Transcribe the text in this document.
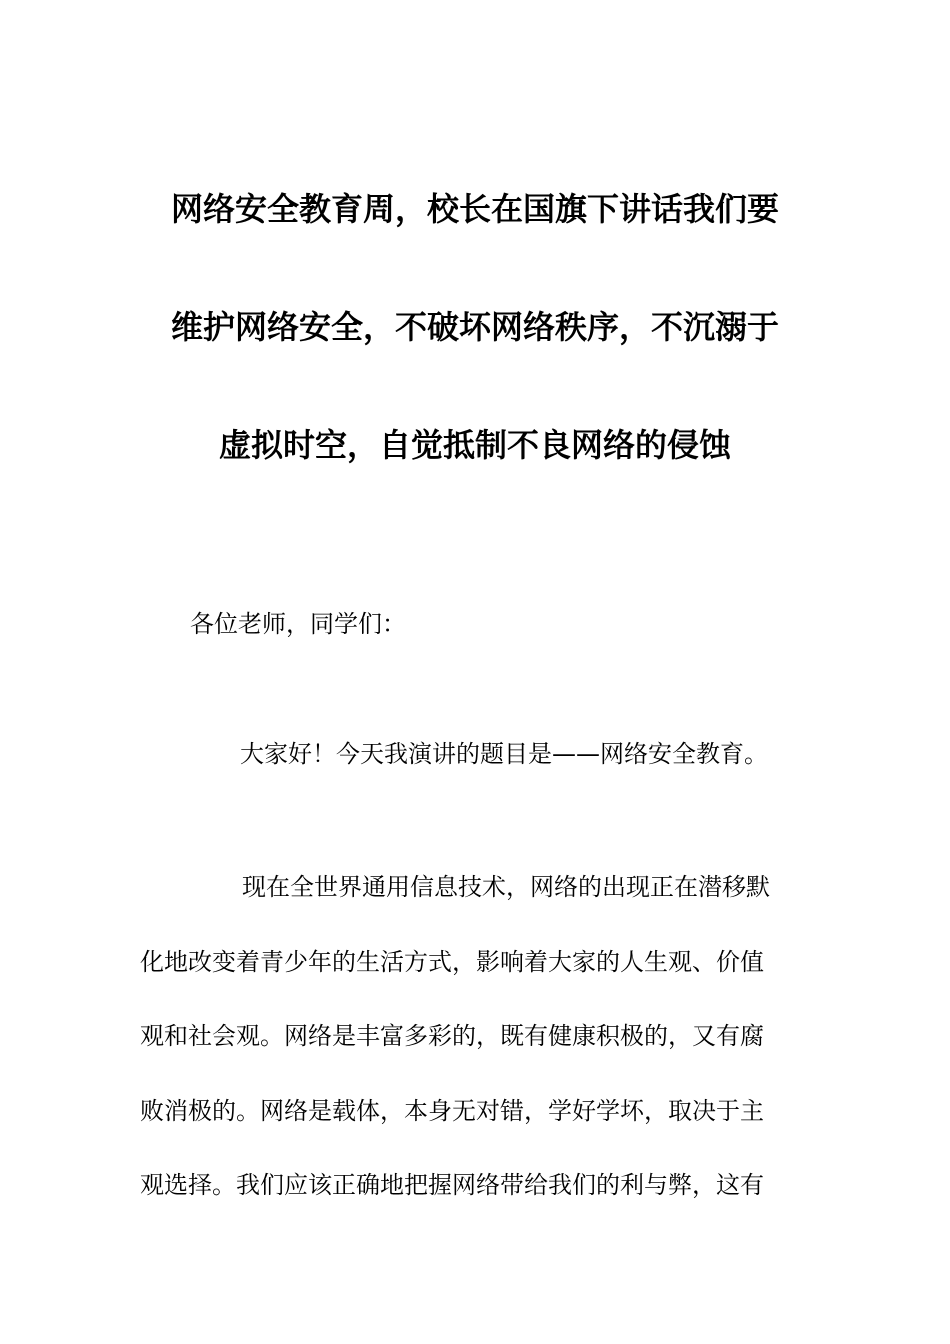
网络安全教育周，校长在国旗下讲话我们要
维护网络安全，不破坏网络秩序，不沉溺于
虚拟时空，自觉抵制不良网络的侵蚀

各位老师，同学们：

大家好！今天我演讲的题目是——网络安全教育。

现在全世界通用信息技术，网络的出现正在潜移默
化地改变着青少年的生活方式，影响着大家的人生观、价值
观和社会观。网络是丰富多彩的，既有健康积极的，又有腐
败消极的。网络是载体，本身无对错，学好学坏，取决于主
观选择。我们应该正确地把握网络带给我们的利与弊，这有
